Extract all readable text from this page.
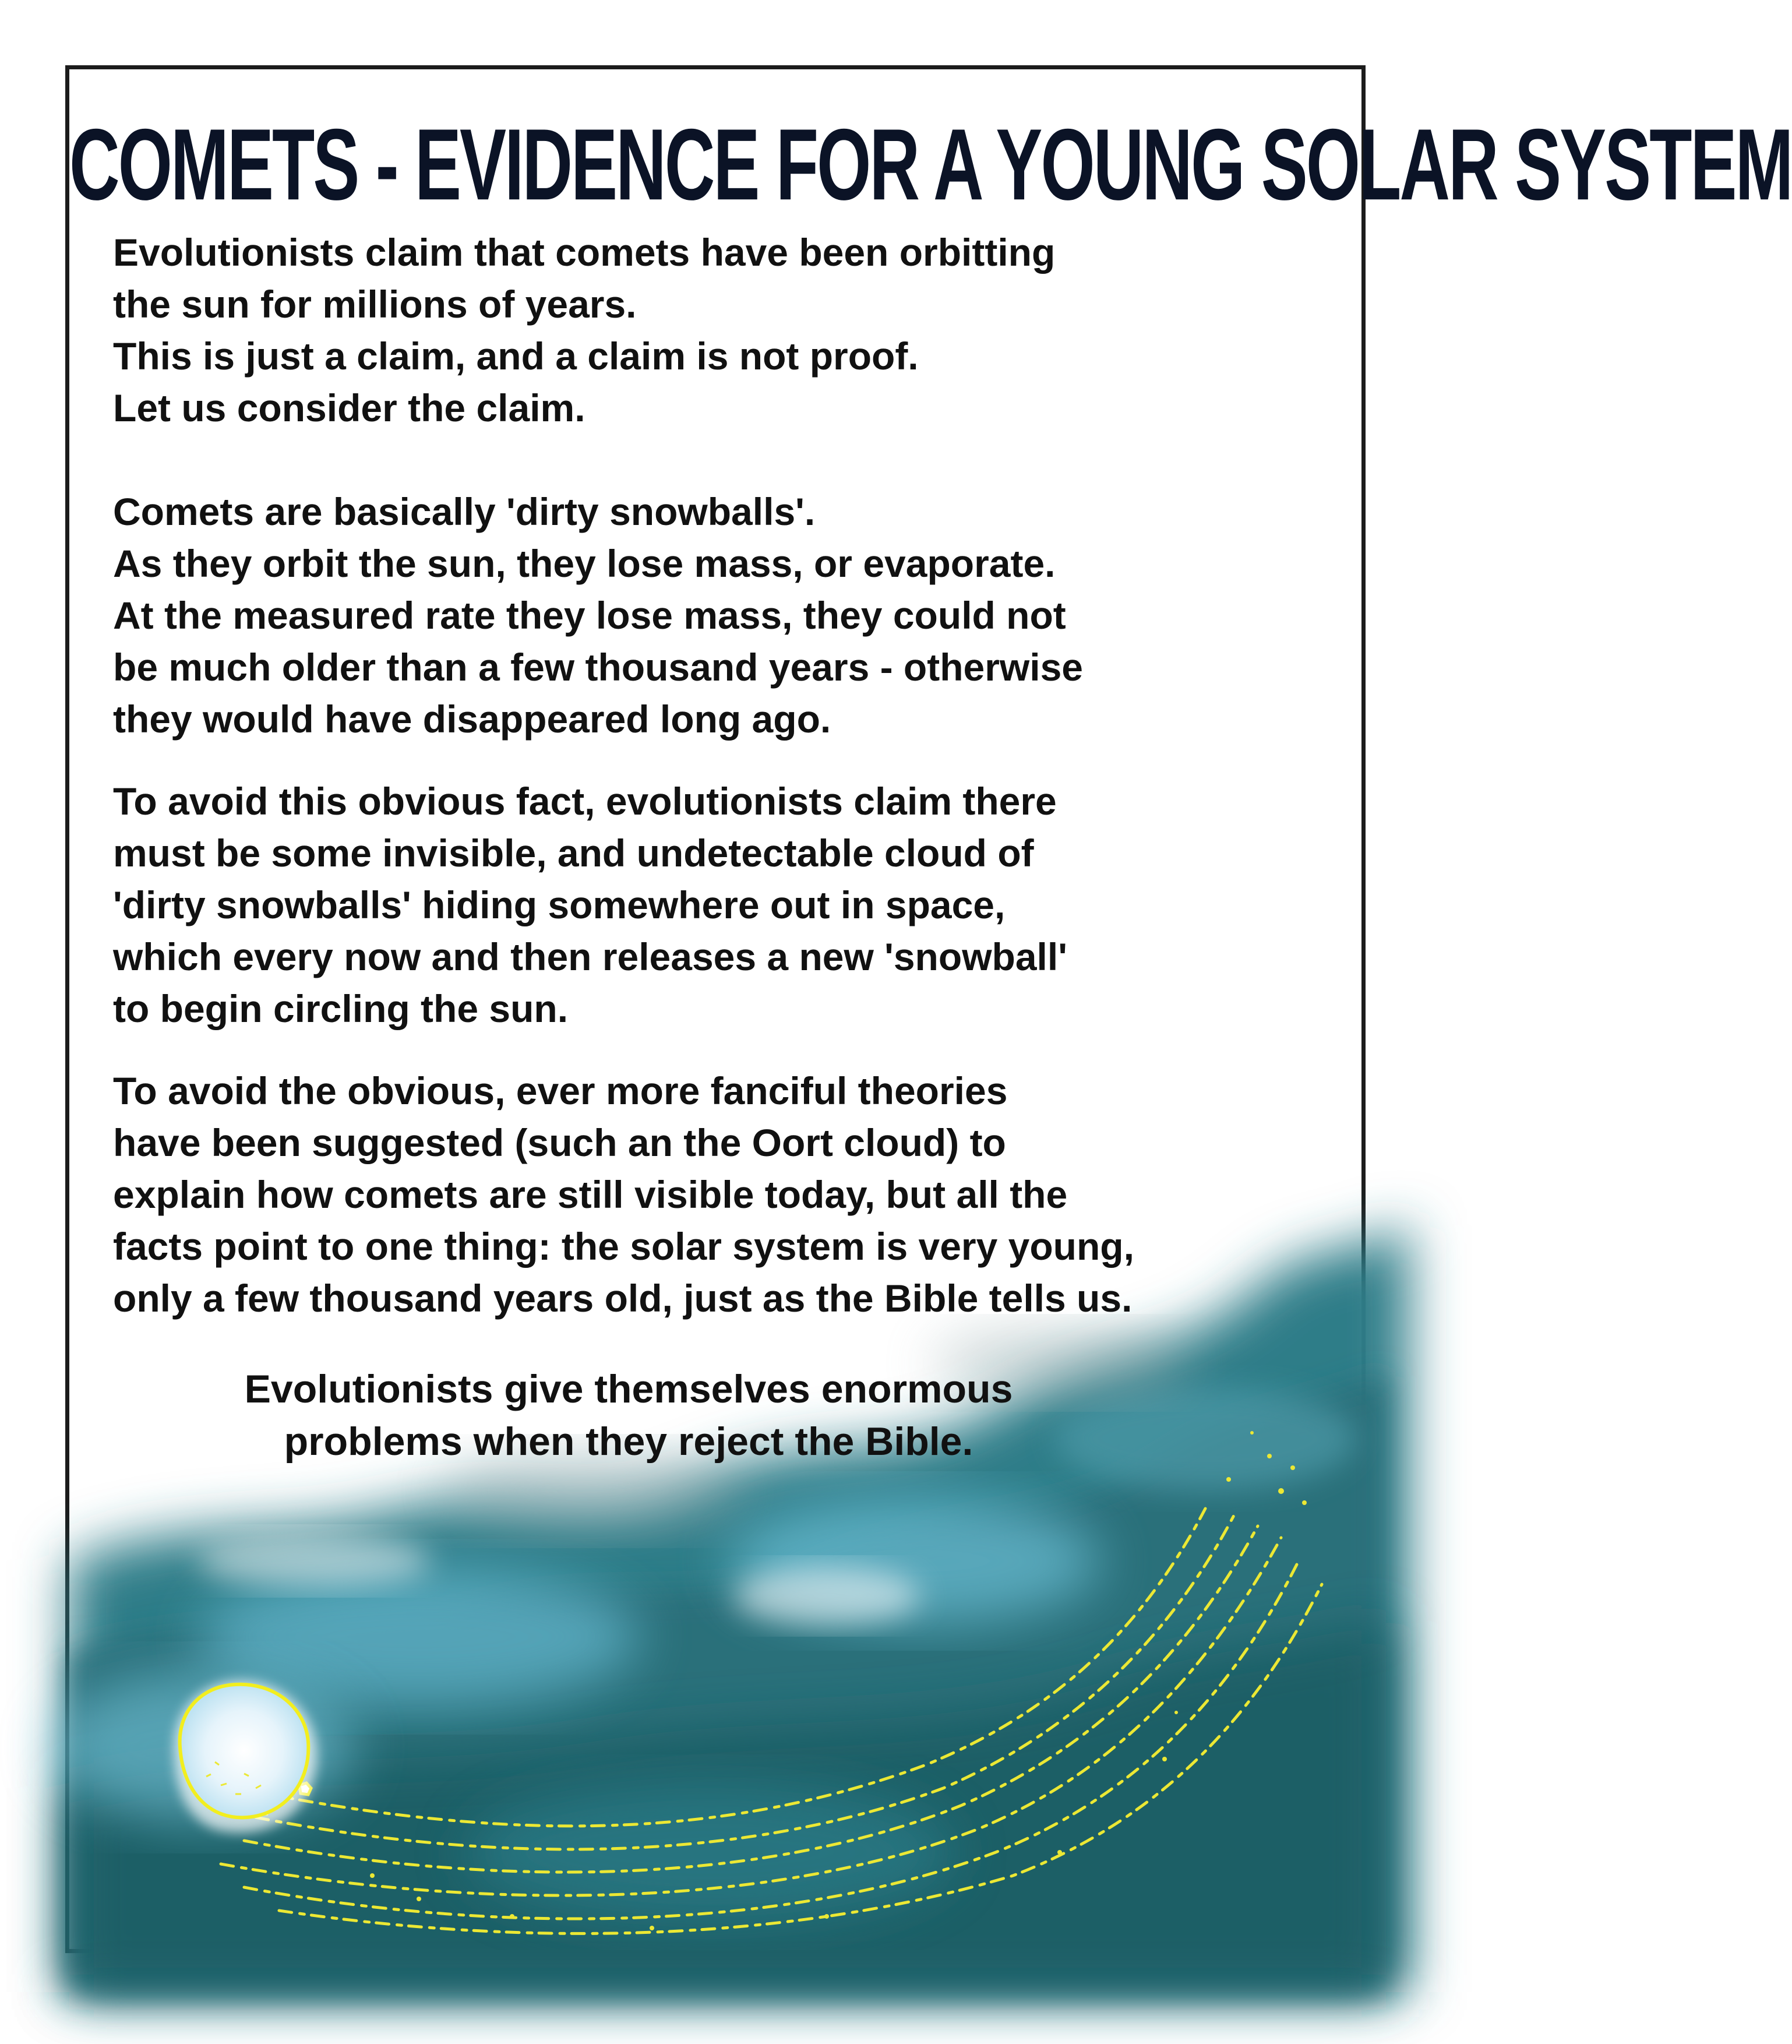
COMETS - EVIDENCE FOR A YOUNG SOLAR SYSTEM

Evolutionists claim that comets have been orbitting
the sun for millions of years.
This is just a claim, and a claim is not proof.
Let us consider the claim.

Comets are basically 'dirty snowballs'.
As they orbit the sun, they lose mass, or evaporate.
At the measured rate they lose mass, they could not
be much older than a few thousand years - otherwise
they would have disappeared long ago.

To avoid this obvious fact, evolutionists claim there
must be some invisible, and undetectable cloud of
'dirty snowballs' hiding somewhere out in space,
which every now and then releases a new 'snowball'
to begin circling the sun.

To avoid the obvious, ever more fanciful theories
have been suggested (such an the Oort cloud) to
explain how comets are still visible today, but all the
facts point to one thing: the solar system is very young,
only a few thousand years old, just as the Bible tells us.

Evolutionists give themselves enormous
problems when they reject the Bible.
